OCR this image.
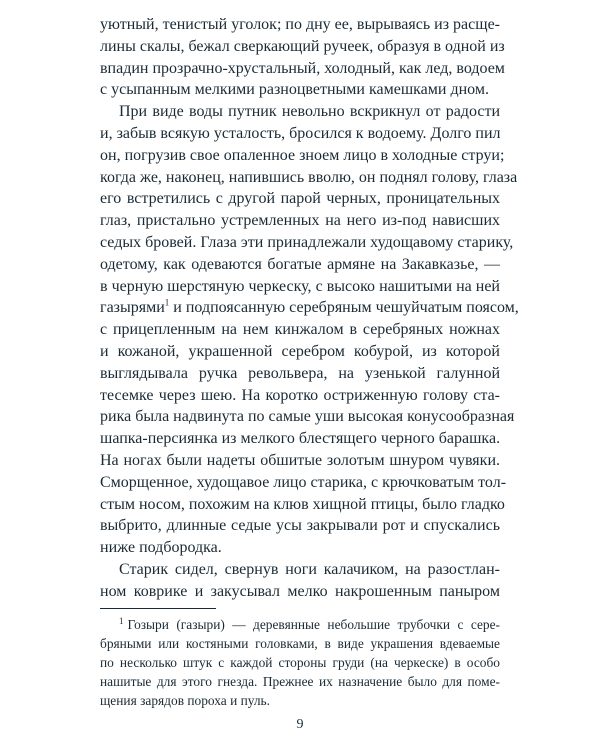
уютный, тенистый уголок; по дну ее, вырываясь из расще-

лины скалы, бежал сверкающий ручеек, образуя в одной из

впадин прозрачно-хрустальный, холодный, как лед, водоем

с усыпанным мелкими разноцветными камешками дном.

При виде воды путник невольно вскрикнул от радости

и, забыв всякую усталость, бросился к водоему. Долго пил

он, погрузив свое опаленное зноем лицо в холодные струи;

когда же, наконец, напившись вволю, он поднял голову, глаза

его встретились с другой парой черных, проницательных

глаз, пристально устремленных на него из-под нависших

седых бровей. Глаза эти принадлежали худощавому старику,

одетому, как одеваются богатые армяне на Закавказье, —

в черную шерстяную черкеску, с высоко нашитыми на ней

газырями$^1$ и подпоясанную серебряным чешуйчатым поясом,

с прицепленным на нем кинжалом в серебряных ножнах

и кожаной, украшенной серебром кобурой, из которой

выглядывала ручка револьвера, на узенькой галунной

тесемке через шею. На коротко остриженную голову ста-

рика была надвинута по самые уши высокая конусообразная

шапка-персиянка из мелкого блестящего черного барашка.

На ногах были надеты обшитые золотым шнуром чувяки.

Сморщенное, худощавое лицо старика, с крючковатым тол-

стым носом, похожим на клюв хищной птицы, было гладко

выбрито, длинные седые усы закрывали рот и спускались

ниже подбородка.

Старик сидел, свернув ноги калачиком, на разостлан-

ном коврике и закусывал мелко накрошенным паныром

$^1$ Гозыри (газыри) — деревянные небольшие трубочки с сере-

бряными или костяными головками, в виде украшения вдеваемые

по несколько штук с каждой стороны груди (на черкеске) в особо

нашитые для этого гнезда. Прежнее их назначение было для поме-

щения зарядов пороха и пуль.

9
